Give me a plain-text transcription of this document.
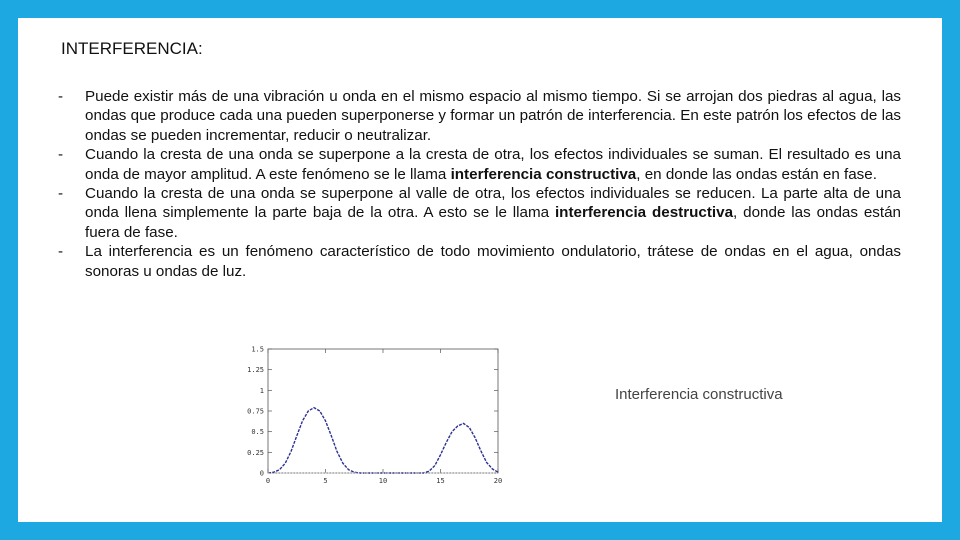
INTERFERENCIA:
- Puede existir más de una vibración u onda en el mismo espacio al mismo tiempo. Si se arrojan dos piedras al agua, las ondas que produce cada una pueden superponerse y formar un patrón de interferencia. En este patrón los efectos de las ondas se pueden incrementar, reducir o neutralizar.
- Cuando la cresta de una onda se superpone a la cresta de otra, los efectos individuales se suman. El resultado es una onda de mayor amplitud. A este fenómeno se le llama interferencia constructiva, en donde las ondas están en fase.
- Cuando la cresta de una onda se superpone al valle de otra, los efectos individuales se reducen. La parte alta de una onda llena simplemente la parte baja de la otra. A esto se le llama interferencia destructiva, donde las ondas están fuera de fase.
- La interferencia es un fenómeno característico de todo movimiento ondulatorio, trátese de ondas en el agua, ondas sonoras u ondas de luz.
0
0.25
0.5
0.75
1
1.25
1.5
0	5	10	15	20
Interferencia constructiva
